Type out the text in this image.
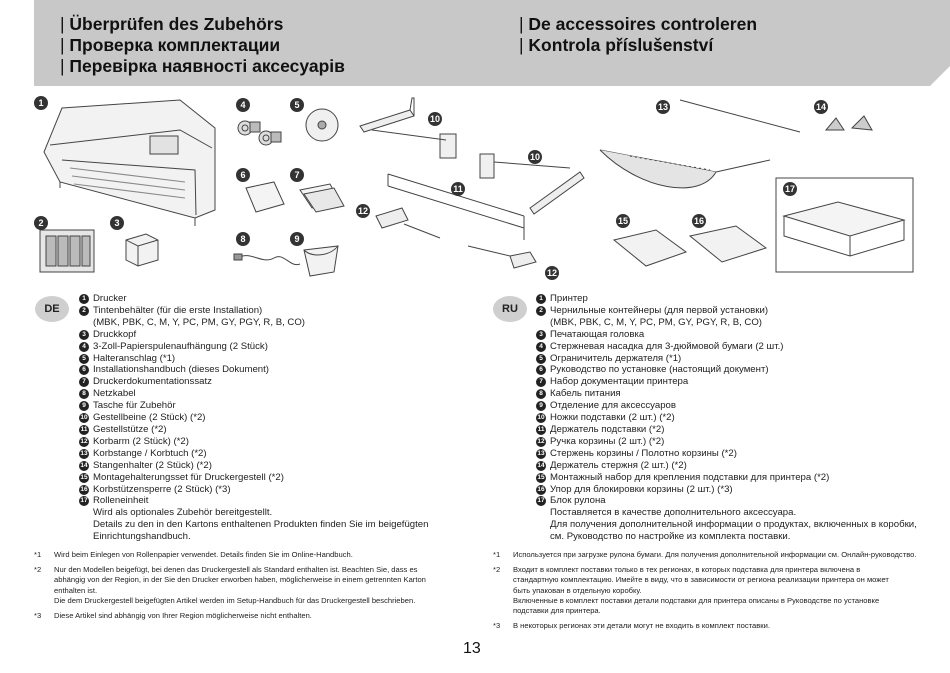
| Überprüfen des Zubehörs
| Проверка комплектации
| Перевірка наявності аксесуарів
| De accessoires controleren
| Kontrola příslušenství
1
2	3
4	5
6	7
8	9
10
10
11
12
12
13	14
15	16
17
DE
1 Drucker
2 Tintenbehälter (für die erste Installation)
(MBK, PBK, C, M, Y, PC, PM, GY, PGY, R, B, CO)
3 Druckkopf
4 3-Zoll-Papierspulenaufhängung (2 Stück)
5 Halteranschlag (*1)
6 Installationshandbuch (dieses Dokument)
7 Druckerdokumentationssatz
8 Netzkabel
9 Tasche für Zubehör
10 Gestellbeine (2 Stück) (*2)
11 Gestellstütze (*2)
12 Korbarm (2 Stück) (*2)
13 Korbstange / Korbtuch (*2)
14 Stangenhalter (2 Stück) (*2)
15 Montagehalterungsset für Druckergestell (*2)
16 Korbstützensperre (2 Stück) (*3)
17 Rolleneinheit
Wird als optionales Zubehör bereitgestellt.
Details zu den in den Kartons enthaltenen Produkten finden Sie im beigefügten
Einrichtungshandbuch.
RU
1 Принтер
2 Чернильные контейнеры (для первой установки)
(MBK, PBK, C, M, Y, PC, PM, GY, PGY, R, B, CO)
3 Печатающая головка
4 Стержневая насадка для 3-дюймовой бумаги (2 шт.)
5 Ограничитель держателя (*1)
6 Руководство по установке (настоящий документ)
7 Набор документации принтера
8 Кабель питания
9 Отделение для аксессуаров
10 Ножки подставки (2 шт.) (*2)
11 Держатель подставки (*2)
12 Ручка корзины (2 шт.) (*2)
13 Стержень корзины / Полотно корзины (*2)
14 Держатель стержня (2 шт.) (*2)
15 Монтажный набор для крепления подставки для принтера (*2)
16 Упор для блокировки корзины (2 шт.) (*3)
17 Блок рулона
Поставляется в качестве дополнительного аксессуара.
Для получения дополнительной информации о продуктах, включенных в коробки,
см. Руководство по настройке из комплекта поставки.
*1 Wird beim Einlegen von Rollenpapier verwendet. Details finden Sie im Online-Handbuch.

*2 Nur den Modellen beigefügt, bei denen das Druckergestell als Standard enthalten ist. Beachten Sie, dass es

abhängig von der Region, in der Sie den Drucker erworben haben, möglicherweise in einem getrennten Karton

enthalten ist.

Die dem Druckergestell beigefügten Artikel werden im Setup-Handbuch für das Druckergestell beschrieben.

*3 Diese Artikel sind abhängig von Ihrer Region möglicherweise nicht enthalten.

*1 Используется при загрузке рулона бумаги. Для получения дополнительной информации см. Онлайн-руководство.

*2 Входит в комплект поставки только в тех регионах, в которых подставка для принтера включена в

стандартную комплектацию. Имейте в виду, что в зависимости от региона реализации принтера он может

быть упакован в отдельную коробку.

Включенные в комплект поставки детали подставки для принтера описаны в Руководстве по установке

подставки для принтера.

*3 В некоторых регионах эти детали могут не входить в комплект поставки.

13
